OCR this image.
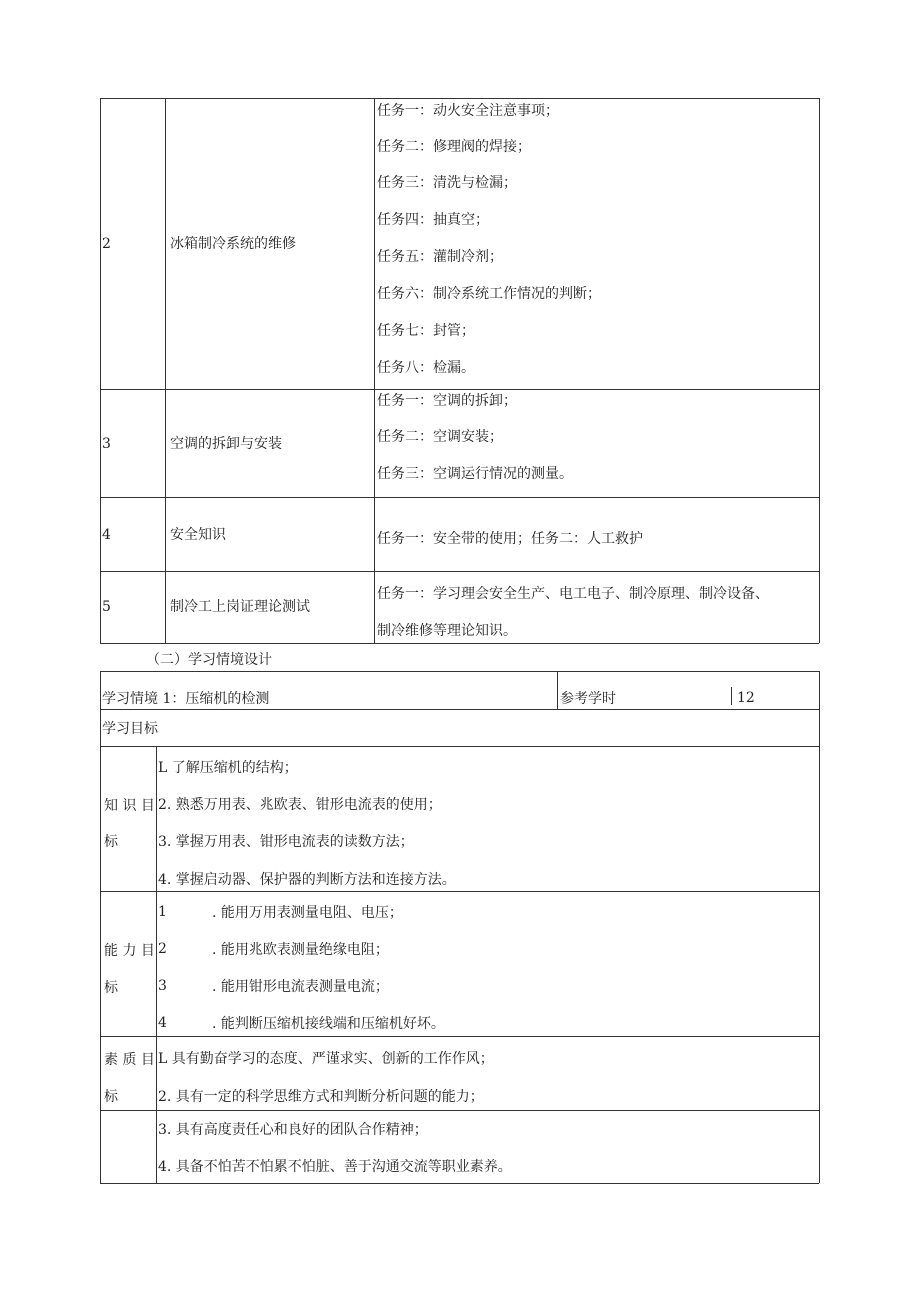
2	冰箱制冷系统的维修
任务一：动火安全注意事项；
任务二：修理阀的焊接；
任务三：清洗与检漏；
任务四：抽真空；
任务五：灌制冷剂；
任务六：制冷系统工作情况的判断；
任务七：封管；
任务八：检漏。
3	空调的拆卸与安装
任务一：空调的拆卸；
任务二：空调安装；
任务三：空调运行情况的测量。
4	安全知识	任务一：安全带的使用；任务二：人工救护
5	制冷工上岗证理论测试
任务一：学习理会安全生产、电工电子、制冷原理、制冷设备、
制冷维修等理论知识。
（二）学习情境设计
学习情境 1：压缩机的检测	参考学时	12
学习目标
知 识 目
标
L 了解压缩机的结构；
2. 熟悉万用表、兆欧表、钳形电流表的使用；
3. 掌握万用表、钳形电流表的读数方法；
4. 掌握启动器、保护器的判断方法和连接方法。
能 力 目
标
1	. 能用万用表测量电阻、电压；
2	. 能用兆欧表测量绝缘电阻；
3	. 能用钳形电流表测量电流；
4	. 能判断压缩机接线端和压缩机好坏。
素 质 目
标
L 具有勤奋学习的态度、严谨求实、创新的工作作风；
2. 具有一定的科学思维方式和判断分析问题的能力；
3. 具有高度责任心和良好的团队合作精神；
4. 具备不怕苦不怕累不怕脏、善于沟通交流等职业素养。
